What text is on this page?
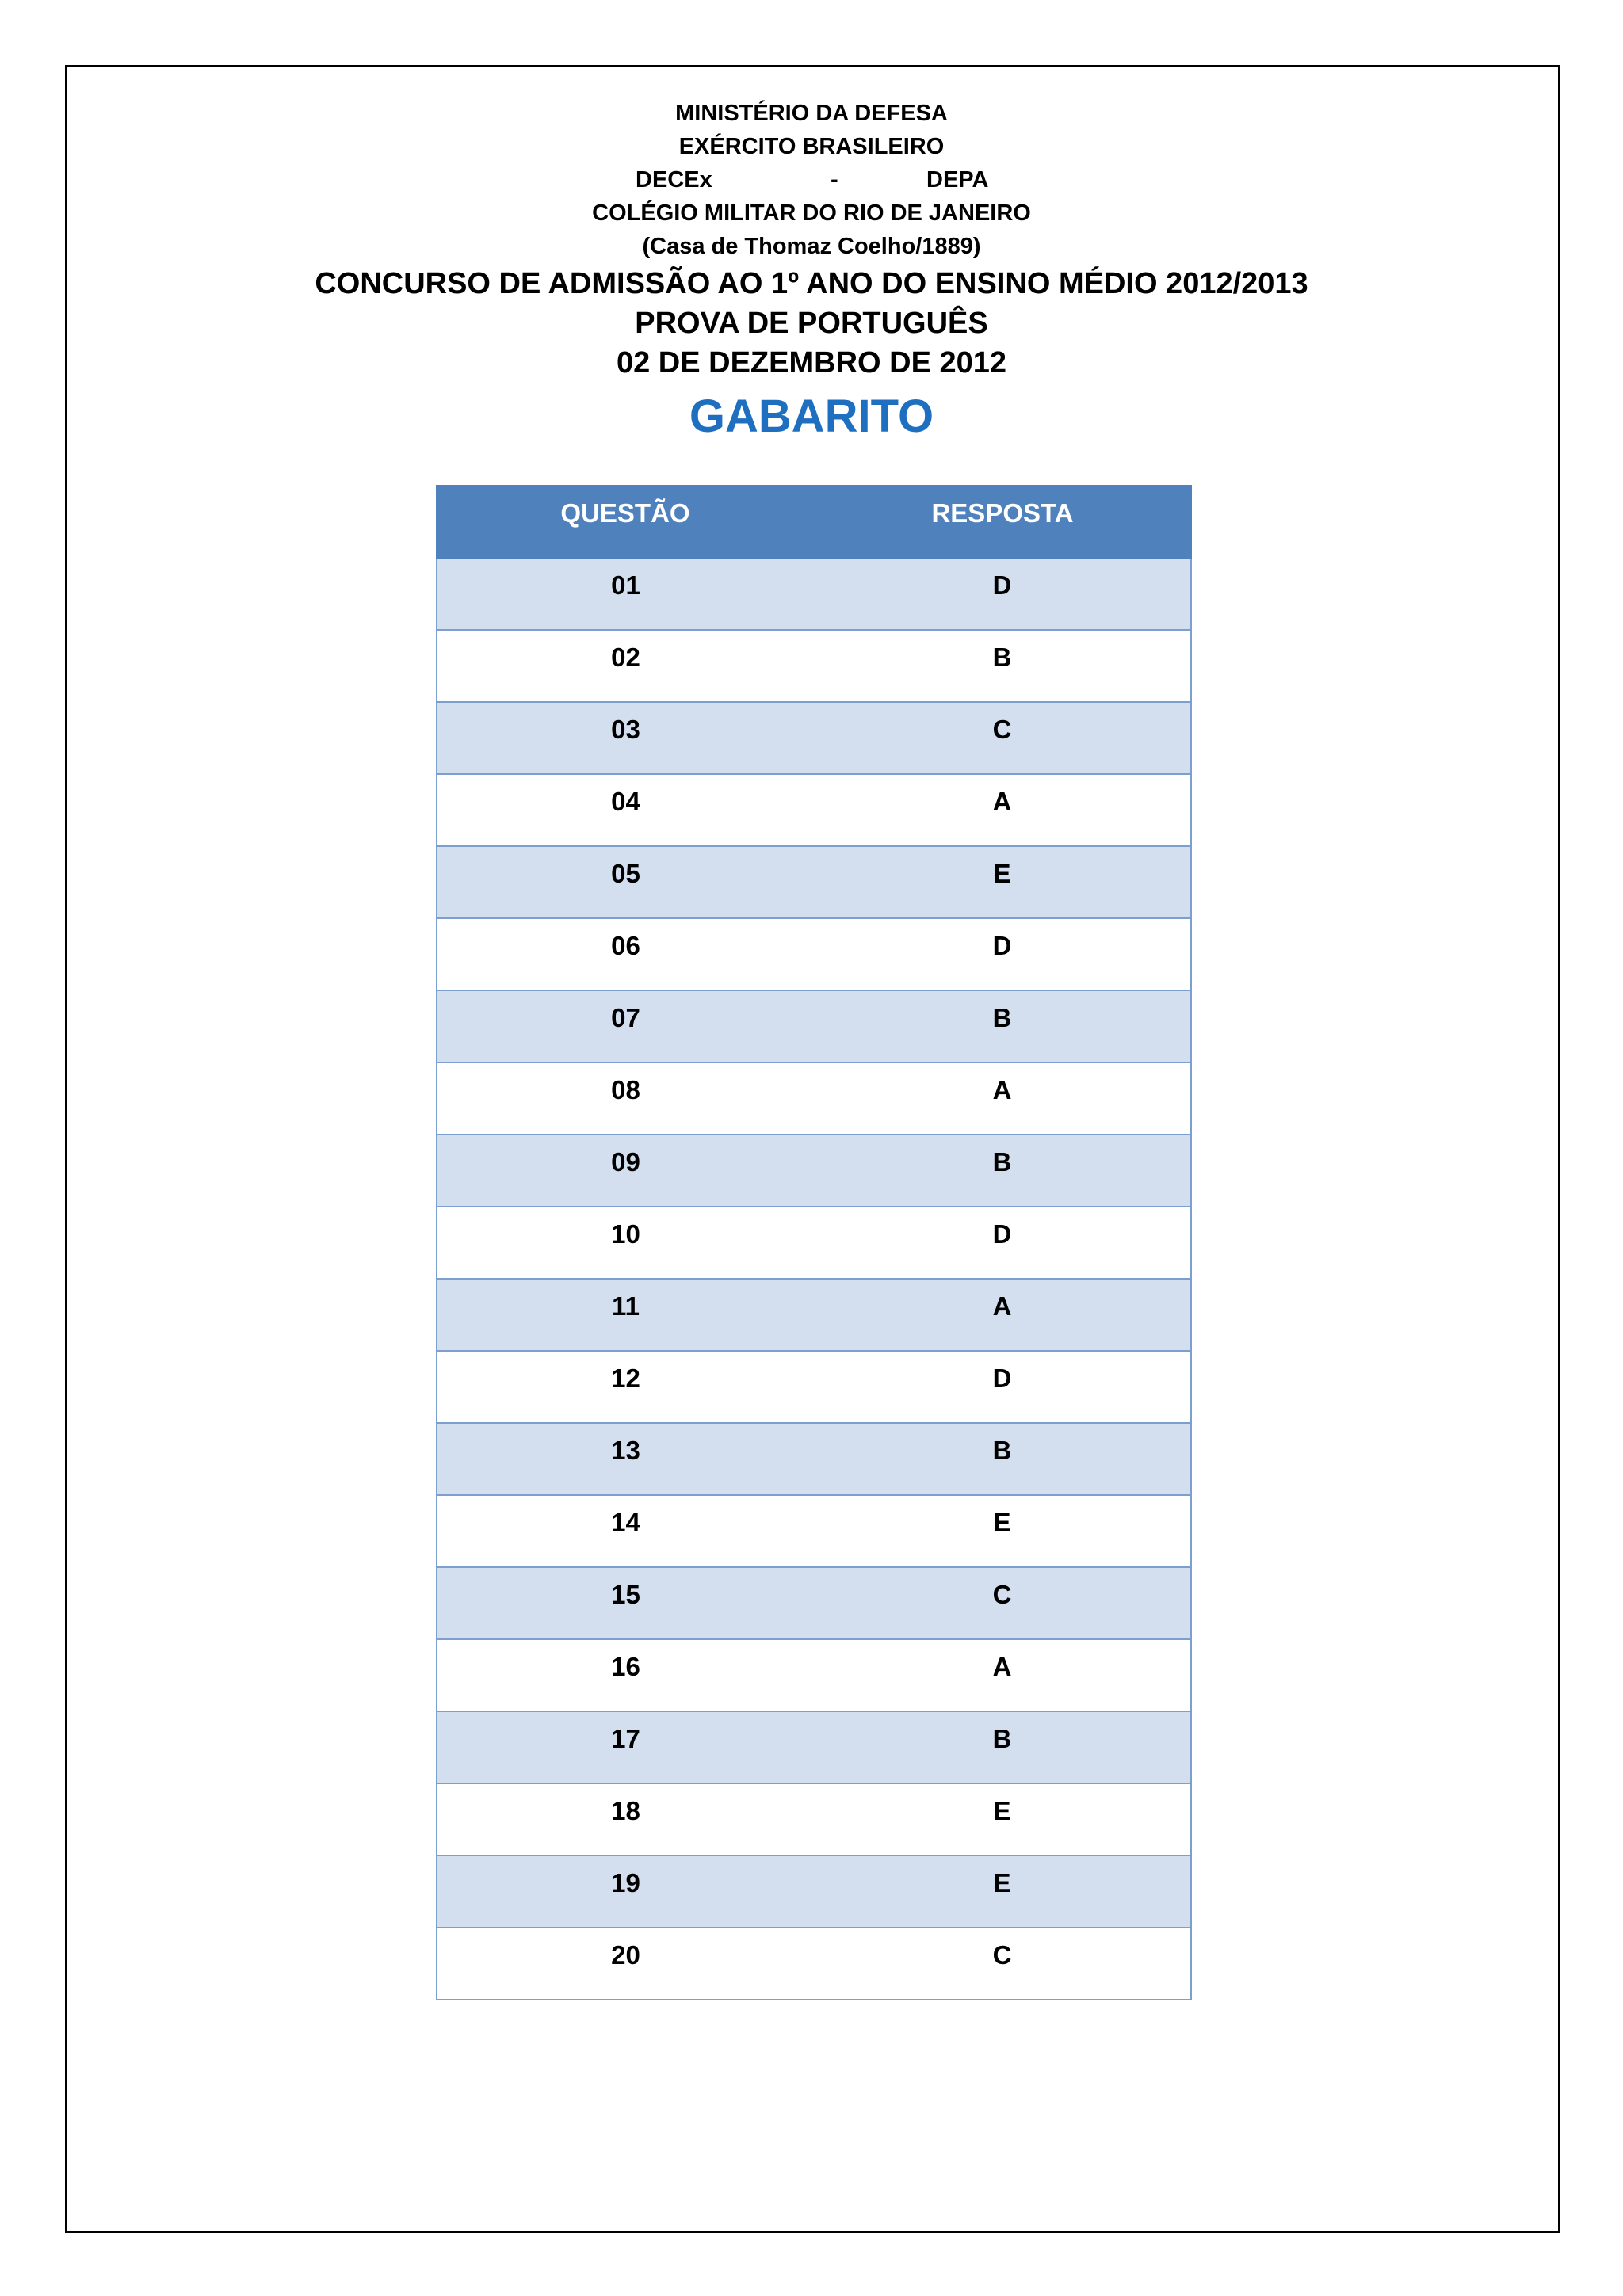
MINISTÉRIO DA DEFESA
EXÉRCITO BRASILEIRO
DECEx	-	DEPA
COLÉGIO MILITAR DO RIO DE JANEIRO
(Casa de Thomaz Coelho/1889)
CONCURSO DE ADMISSÃO AO 1º ANO DO ENSINO MÉDIO 2012/2013
PROVA DE PORTUGUÊS
02 DE DEZEMBRO DE 2012
GABARITO
QUESTÃO	RESPOSTA
01	D
02	B
03	C
04	A
05	E
06	D
07	B
08	A
09	B
10	D
11	A
12	D
13	B
14	E
15	C
16	A
17	B
18	E
19	E
20	C
